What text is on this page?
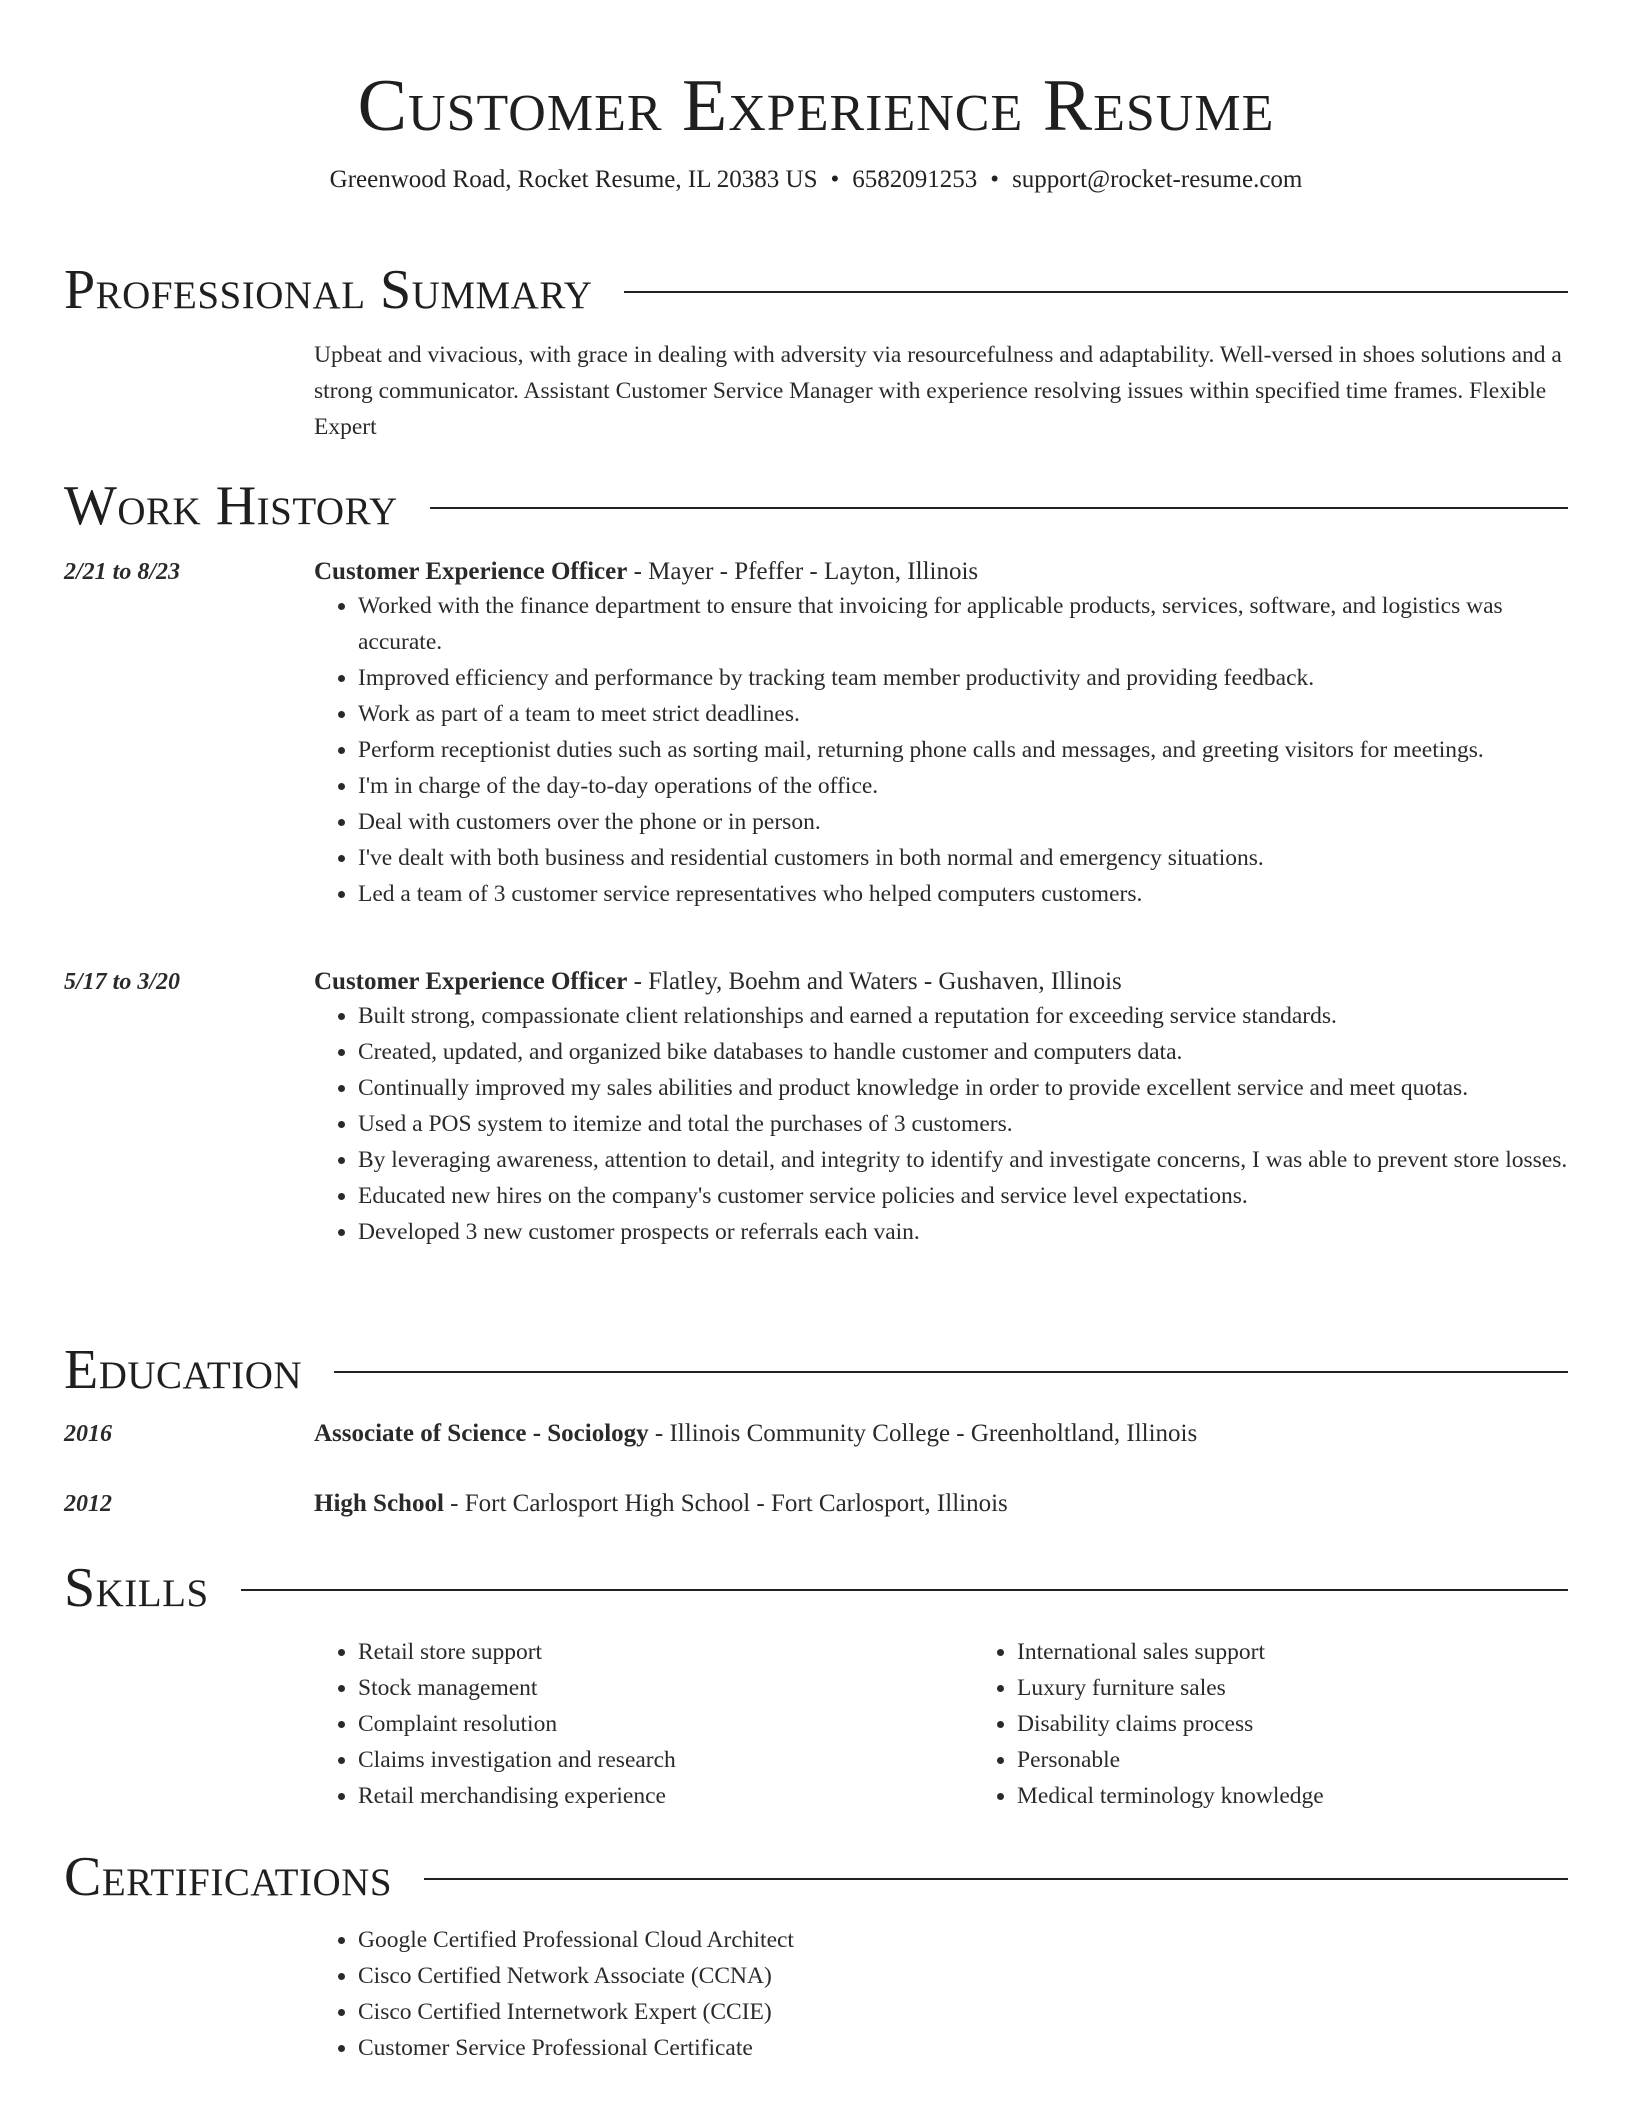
Customer Experience Resume
Greenwood Road, Rocket Resume, IL 20383 US • 6582091253 • support@rocket-resume.com
Professional Summary
Upbeat and vivacious, with grace in dealing with adversity via resourcefulness and adaptability. Well-versed in shoes solutions and a strong communicator. Assistant Customer Service Manager with experience resolving issues within specified time frames. Flexible Expert
Work History
2/21 to 8/23	Customer Experience Officer - Mayer - Pfeffer - Layton, Illinois
• Worked with the finance department to ensure that invoicing for applicable products, services, software, and logistics was accurate.
• Improved efficiency and performance by tracking team member productivity and providing feedback.
• Work as part of a team to meet strict deadlines.
• Perform receptionist duties such as sorting mail, returning phone calls and messages, and greeting visitors for meetings.
• I'm in charge of the day-to-day operations of the office.
• Deal with customers over the phone or in person.
• I've dealt with both business and residential customers in both normal and emergency situations.
• Led a team of 3 customer service representatives who helped computers customers.
5/17 to 3/20	Customer Experience Officer - Flatley, Boehm and Waters - Gushaven, Illinois
• Built strong, compassionate client relationships and earned a reputation for exceeding service standards.
• Created, updated, and organized bike databases to handle customer and computers data.
• Continually improved my sales abilities and product knowledge in order to provide excellent service and meet quotas.
• Used a POS system to itemize and total the purchases of 3 customers.
• By leveraging awareness, attention to detail, and integrity to identify and investigate concerns, I was able to prevent store losses.
• Educated new hires on the company's customer service policies and service level expectations.
• Developed 3 new customer prospects or referrals each vain.
Education
2016	Associate of Science - Sociology - Illinois Community College - Greenholtland, Illinois
2012	High School - Fort Carlosport High School - Fort Carlosport, Illinois
Skills
• Retail store support
• Stock management
• Complaint resolution
• Claims investigation and research
• Retail merchandising experience
• International sales support
• Luxury furniture sales
• Disability claims process
• Personable
• Medical terminology knowledge
Certifications
• Google Certified Professional Cloud Architect
• Cisco Certified Network Associate (CCNA)
• Cisco Certified Internetwork Expert (CCIE)
• Customer Service Professional Certificate
